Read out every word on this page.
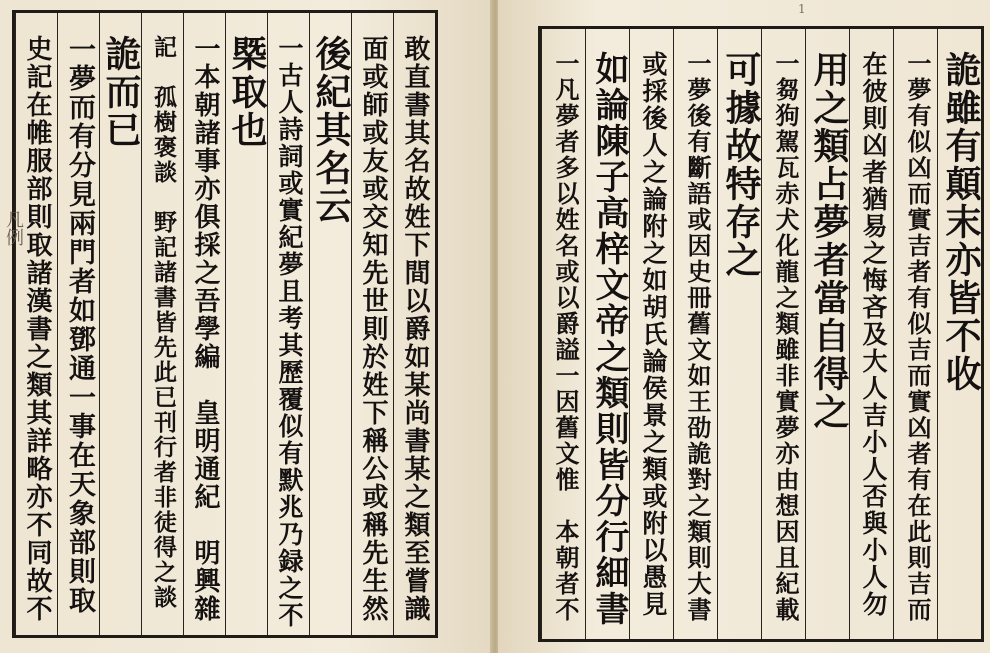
敢直書其名故姓下間以爵如某尚書某之類至嘗識
面或師或友或交知先世則於姓下稱公或稱先生然
後紀其名云
一古人詩詞或實紀夢且考其歷覆似有默兆乃録之不
槩取也
一本朝諸事亦俱採之吾學編　皇明通紀　明興雜
記　孤樹褒談　野記諸書皆先此已刊行者非徒得之談
詭而已
一夢而有分見兩門者如鄧通一事在天象部則取
史記在帷服部則取諸漢書之類其詳略亦不同故不
凡例
1
詭雖有顛末亦皆不收
一夢有似凶而實吉者有似吉而實凶者有在此則吉而
在彼則凶者猶易之悔吝及大人吉小人否與小人勿
用之類占夢者當自得之
一芻狗駕瓦赤犬化龍之類雖非實夢亦由想因且紀載
可據故特存之
一夢後有斷語或因史冊舊文如王劭詭對之類則大書
或採後人之論附之如胡氏論侯景之類或附以愚見
如論陳子高梓文帝之類則皆分行細書
一凡夢者多以姓名或以爵謚一因舊文惟　本朝者不
